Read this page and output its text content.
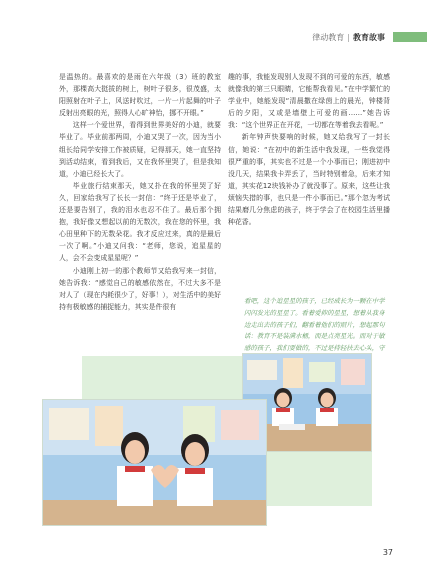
律动教育 | 教育故事

是温热的。最喜欢的是雨在六年级（3）班的教室外，那棵高大挺拔的树上，树叶子很多，很茂盛，太阳照射在叶子上，风送时吹过，一片一片起舞的叶子反射出亮眼的光，照得人心旷神怡，挪不开眼。”

这样一个爱世界，看得到世界美好的小迪，就要毕业了。毕业前那两周，小迪又哭了一次，因为当小组长给同学安排工作被质疑，记得那天，她一直坚持到活动结束，看到我后，又在我怀里哭了，但是我知道，小迪已经长大了。

毕业旅行结束那天，她又扑在我的怀里哭了好久，回家给我写了长长一封信：“终于还是毕业了，还是要告别了，我的泪水也忍不住了。最后那个拥抱，我好像又想起以前的无数次，我在您的怀里，我心田里种下的无数朵花。我才反应过来，真的是最后一次了啊。”小迪又问我：“老师，您说，追星星的人，会不会变成星星呢？”

小迪刚上初一的那个教师节又给我写来一封信，她告诉我：“感觉自己的敏感依然在，不过大多不是对人了（现在内耗很少了，好事！），对生活中的美好持有极敏感的捕捉能力，其实是件很有

趣的事，我能发现别人发现不到的可爱的东西，敏感就像我的第三只眼睛，它能帮我看见。”在中学繁忙的学业中，她能发现“清晨撒在绿茵上的晨光，钟楼背后的夕阳，又或是墙壁上可爱的画……”她告诉我：“这个世界正在开花，一切都在等着我去看呢。”

新年钟声快要响的时候，她又给我写了一封长信，她说：“在初中的新生活中我发现，一些我觉得很严重的事，其实也不过是一个小事而已；刚进初中没几天，结果我卡弄丢了，当时特别着急，后来才知道，其实花12块钱补办了就没事了。原来，这些让我烦恼失措的事，也只是一件小事而已。”那个忽为考试结果磨几分焦虑的孩子，终于学会了在校园生活里播种花香。

看吧，这个追星星的孩子，已经成长为一颗在中学闪闪发光的星星了。看着爱抑的星星，想着从我身边走出去的孩子们，翻看着他们的照片，想起那句话：教育不是装满水桶，而是点亮星光。而对于敏感的孩子，我们要做的，不过是持轻扶去心头，守
37
